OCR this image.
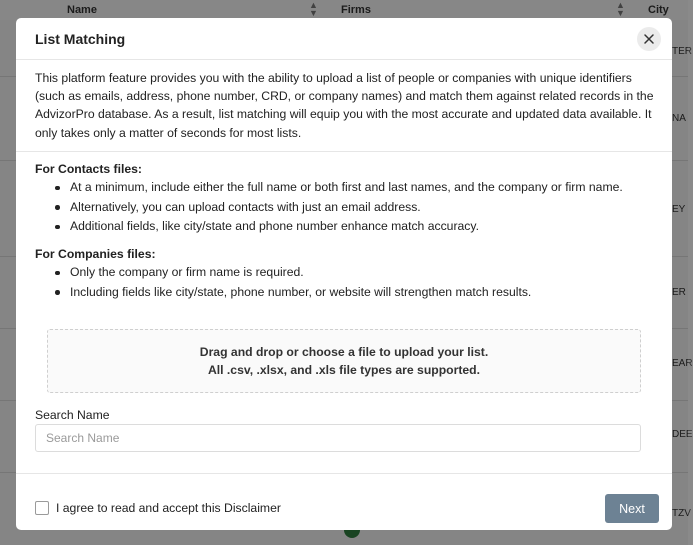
Name	▲
▼ Firms	▲
▼ City
TER
NA
EY
ER
EAR
DEE
TZV
List Matching

This platform feature provides you with the ability to upload a list of people or companies with unique identifiers (such as emails, address, phone number, CRD, or company names) and match them against related records in the AdvizorPro database. As a result, list matching will equip you with the most accurate and updated data available. It only takes only a matter of seconds for most lists.

For Contacts files:
At a minimum, include either the full name or both first and last names, and the company or firm name.
Alternatively, you can upload contacts with just an email address.
Additional fields, like city/state and phone number enhance match accuracy.
For Companies files:
Only the company or firm name is required.
Including fields like city/state, phone number, or website will strengthen match results.
Drag and drop or choose a file to upload your list.
All .csv, .xlsx, and .xls file types are supported.
Search Name
Search Name
I agree to read and accept this Disclaimer	Next
